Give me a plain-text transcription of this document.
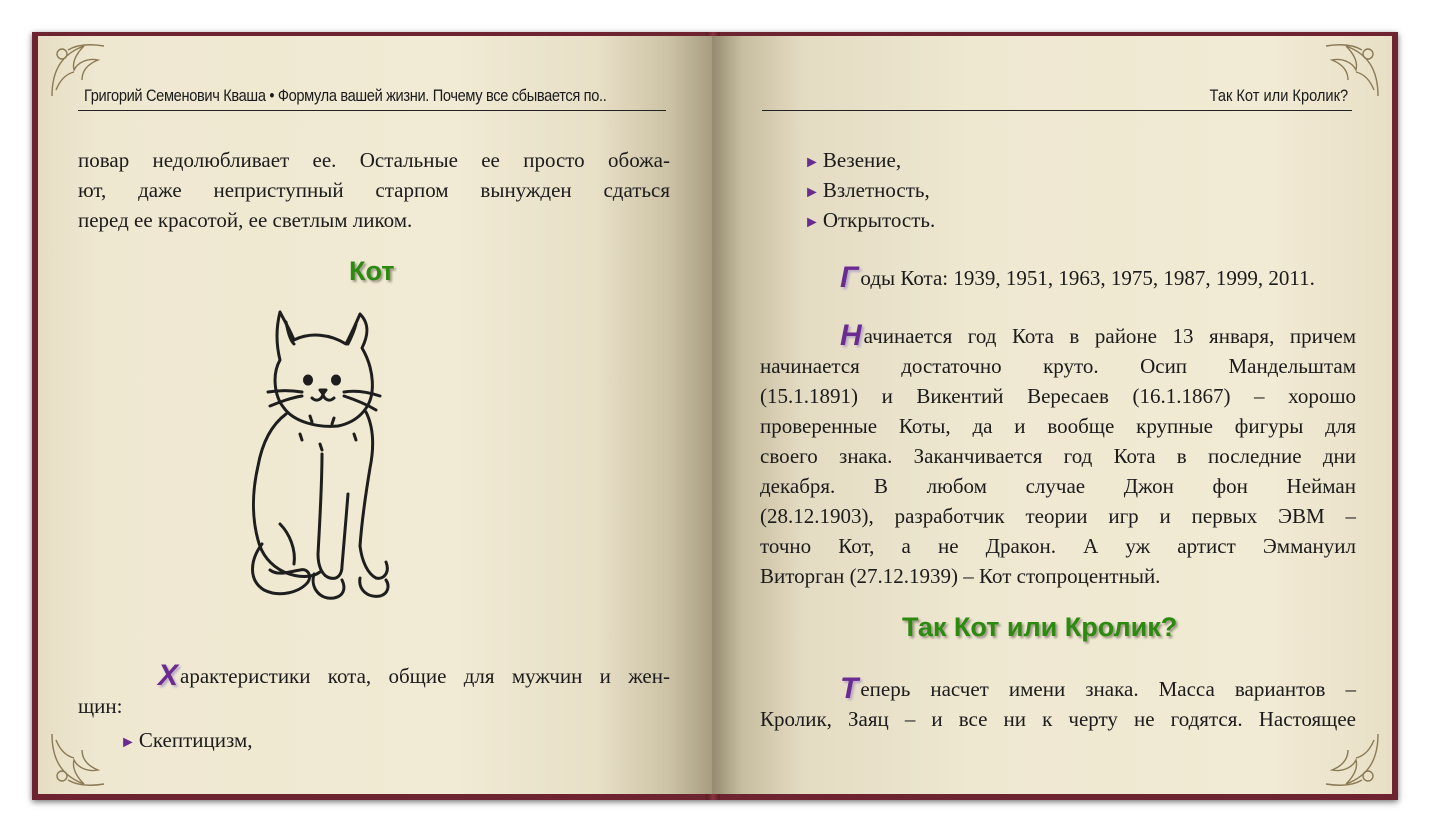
Григорий Семенович Кваша • Формула вашей жизни. Почему все сбывается по..
повар недолюбливает ее. Остальные ее просто обожа-
ют, даже неприступный старпом вынужден сдаться
перед ее красотой, ее светлым ликом.
Кот
Характеристики кота, общие для мужчин и жен-
щин:
► Скептицизм,
Так Кот или Кролик?
► Везение,
► Взлетность,
► Открытость.
Годы Кота: 1939, 1951, 1963, 1975, 1987, 1999, 2011.
Начинается год Кота в районе 13 января, причем
начинается достаточно круто. Осип Мандельштам
(15.1.1891) и Викентий Вересаев (16.1.1867) – хорошо
проверенные Коты, да и вообще крупные фигуры для
своего знака. Заканчивается год Кота в последние дни
декабря. В любом случае Джон фон Нейман
(28.12.1903), разработчик теории игр и первых ЭВМ –
точно Кот, а не Дракон. А уж артист Эммануил
Виторган (27.12.1939) – Кот стопроцентный.
Так Кот или Кролик?
Теперь насчет имени знака. Масса вариантов –
Кролик, Заяц – и все ни к черту не годятся. Настоящее
